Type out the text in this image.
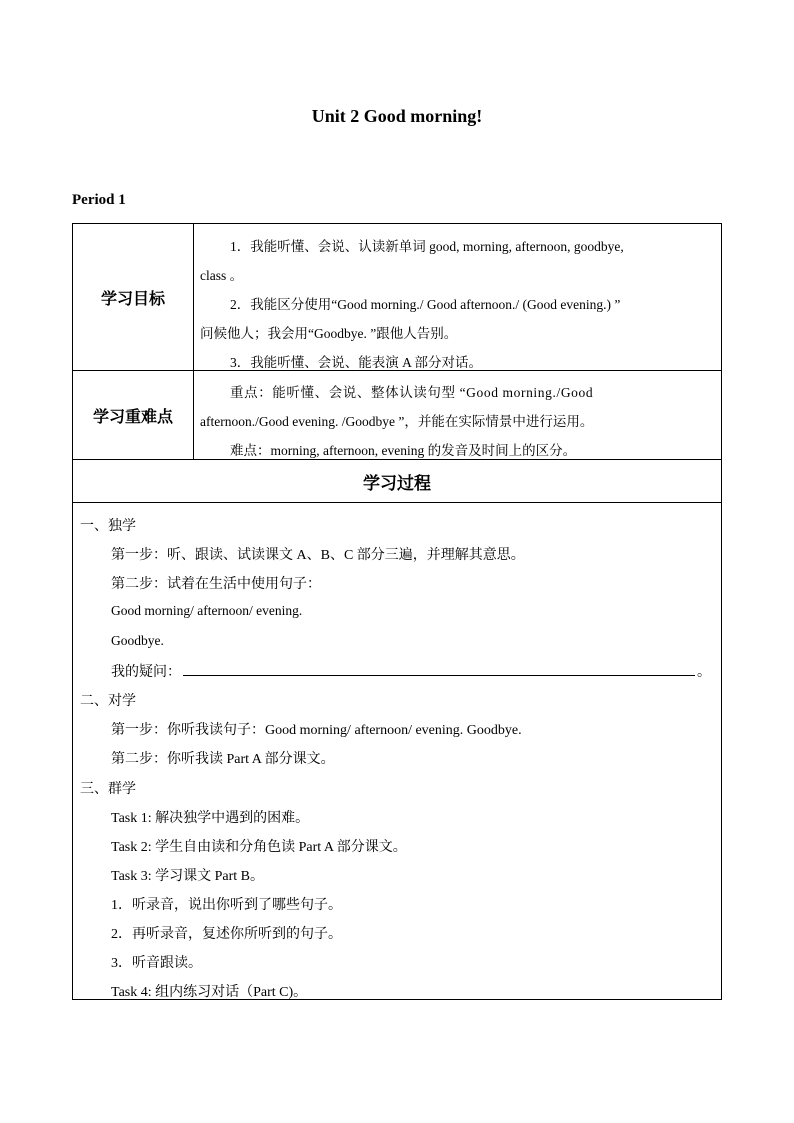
Unit 2 Good morning!
Period 1
学习目标
1．我能听懂、会说、认读新单词 good, morning, afternoon, goodbye,
class 。
2．我能区分使用“Good morning./ Good afternoon./ (Good evening.) ”
问候他人；我会用“Goodbye. ”跟他人告别。
3．我能听懂、会说、能表演 A 部分对话。
学习重难点
重点：能听懂、会说、整体认读句型 “Good morning./Good
afternoon./Good evening. /Goodbye ”，并能在实际情景中进行运用。
难点：morning, afternoon, evening 的发音及时间上的区分。
学习过程
一、独学
第一步：听、跟读、试读课文 A、B、C 部分三遍，并理解其意思。
第二步：试着在生活中使用句子：
Good morning/ afternoon/ evening.
Goodbye.
我的疑问：	。
二、对学
第一步：你听我读句子：Good morning/ afternoon/ evening. Goodbye.
第二步：你听我读 Part A 部分课文。
三、群学
Task 1: 解决独学中遇到的困难。
Task 2: 学生自由读和分角色读 Part A 部分课文。
Task 3: 学习课文 Part B。
1．听录音，说出你听到了哪些句子。
2．再听录音，复述你所听到的句子。
3．听音跟读。
Task 4: 组内练习对话（Part C)。
